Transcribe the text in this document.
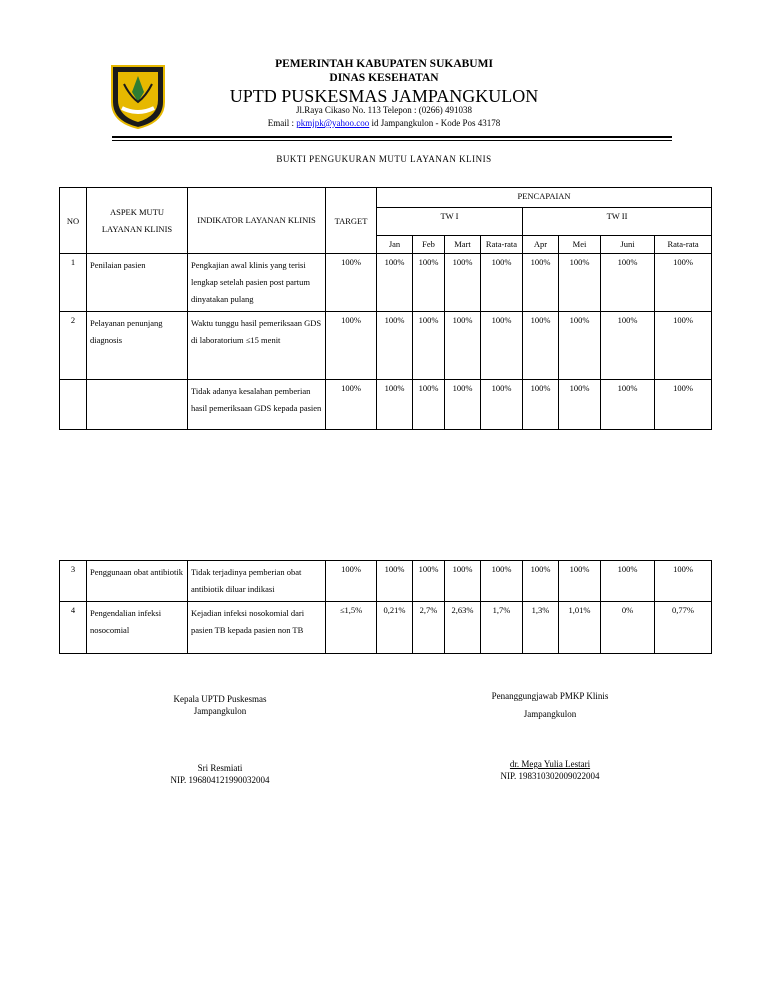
PEMERINTAH KABUPATEN SUKABUMI
DINAS KESEHATAN
UPTD PUSKESMAS JAMPANGKULON
Jl.Raya Cikaso No. 113 Telepon : (0266) 491038
Email : pkmjpk@yahoo.coo id Jampangkulon - Kode Pos 43178
BUKTI PENGUKURAN MUTU LAYANAN KLINIS
NO	ASPEK MUTU LAYANAN KLINIS	INDIKATOR LAYANAN KLINIS	TARGET	PENCAPAIAN							
				TW I				TW II			
				Jan	Feb	Mart	Rata-rata	Apr	Mei	Juni	Rata-rata
1	Penilaian pasien	Pengkajian awal klinis yang terisi lengkap setelah pasien post partum dinyatakan pulang	100%	100%	100%	100%	100%	100%	100%	100%	100%
2	Pelayanan penunjang diagnosis	Waktu tunggu hasil pemeriksaan GDS di laboratorium ≤15 menit	100%	100%	100%	100%	100%	100%	100%	100%	100%
		Tidak adanya kesalahan pemberian hasil pemeriksaan GDS kepada pasien	100%	100%	100%	100%	100%	100%	100%	100%	100%
3	Penggunaan obat antibiotik	Tidak terjadinya pemberian obat antibiotik diluar indikasi	100%	100%	100%	100%	100%	100%	100%	100%	100%
4	Pengendalian infeksi nosocomial	Kejadian infeksi nosokomial dari pasien TB kepada pasien non TB	≤1,5%	0,21%	2,7%	2,63%	1,7%	1,3%	1,01%	0%	0,77%
Kepala UPTD Puskesmas
Jampangkulon
Sri Resmiati
NIP. 196804121990032004
Penanggungjawab PMKP Klinis
Jampangkulon
dr. Mega Yulia Lestari
NIP. 198310302009022004
